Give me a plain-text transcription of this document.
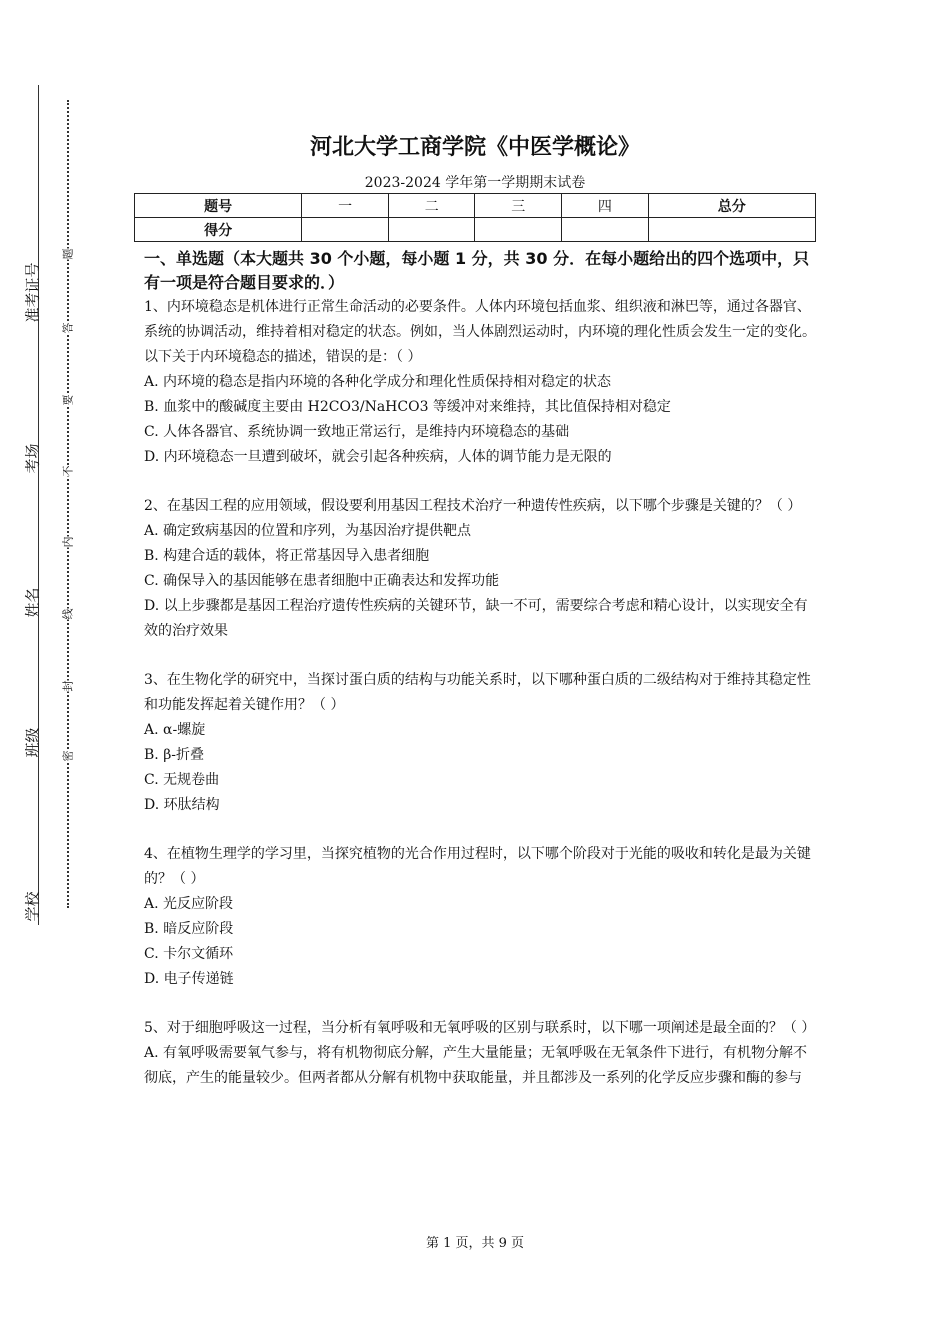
准考证号
考场
姓名
班级
学校
题
答
要
不
内
线
封
密
河北大学工商学院《中医学概论》
2023-2024 学年第一学期期末试卷
题号	一	二	三	四	总分
得分					
一、单选题（本大题共 30 个小题，每小题 1 分，共 30 分．在每小题给出的四个选项中，只有一项是符合题目要求的．）

1、内环境稳态是机体进行正常生命活动的必要条件。人体内环境包括血浆、组织液和淋巴等，通过各器官、系统的协调活动，维持着相对稳定的状态。例如，当人体剧烈运动时，内环境的理化性质会发生一定的变化。以下关于内环境稳态的描述，错误的是：（ ）

A. 内环境的稳态是指内环境的各种化学成分和理化性质保持相对稳定的状态

B. 血浆中的酸碱度主要由 H2CO3/NaHCO3 等缓冲对来维持，其比值保持相对稳定

C. 人体各器官、系统协调一致地正常运行，是维持内环境稳态的基础

D. 内环境稳态一旦遭到破坏，就会引起各种疾病，人体的调节能力是无限的

2、在基因工程的应用领域，假设要利用基因工程技术治疗一种遗传性疾病，以下哪个步骤是关键的？（ ）

A. 确定致病基因的位置和序列，为基因治疗提供靶点

B. 构建合适的载体，将正常基因导入患者细胞

C. 确保导入的基因能够在患者细胞中正确表达和发挥功能

D. 以上步骤都是基因工程治疗遗传性疾病的关键环节，缺一不可，需要综合考虑和精心设计，以实现安全有效的治疗效果

3、在生物化学的研究中，当探讨蛋白质的结构与功能关系时，以下哪种蛋白质的二级结构对于维持其稳定性和功能发挥起着关键作用？（ ）

A. α-螺旋

B. β-折叠

C. 无规卷曲

D. 环肽结构

4、在植物生理学的学习里，当探究植物的光合作用过程时，以下哪个阶段对于光能的吸收和转化是最为关键的？（ ）

A. 光反应阶段

B. 暗反应阶段

C. 卡尔文循环

D. 电子传递链

5、对于细胞呼吸这一过程，当分析有氧呼吸和无氧呼吸的区别与联系时，以下哪一项阐述是最全面的？（ ）

A. 有氧呼吸需要氧气参与，将有机物彻底分解，产生大量能量；无氧呼吸在无氧条件下进行，有机物分解不彻底，产生的能量较少。但两者都从分解有机物中获取能量，并且都涉及一系列的化学反应步骤和酶的参与

第 1 页，共 9 页
